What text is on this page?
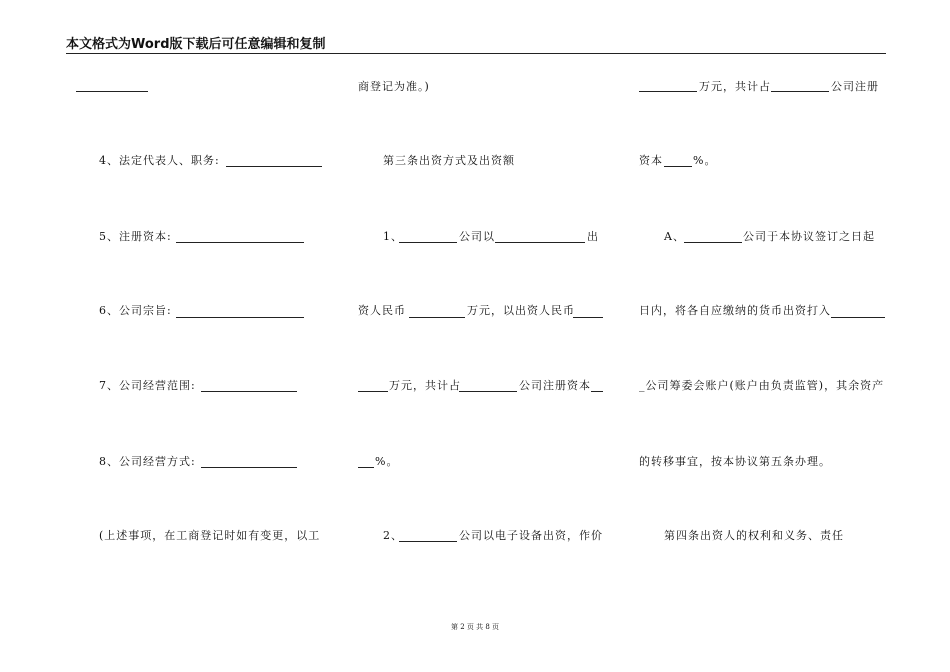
本文格式为Word版下载后可任意编辑和复制
4、法定代表人、职务:
5、注册资本:
6、公司宗旨:
7、公司经营范围:
8、公司经营方式:
(上述事项，在工商登记时如有变更，以工
商登记为准。)
第三条出资方式及出资额
1、	公司以	出
资人民币	万元，以出资人民币
万元，共计占	公司注册资本
%。
2、	公司以电子设备出资，作价
万元，共计占	公司注册
资本	%。
A、	公司于本协议签订之日起
日内，将各自应缴纳的货币出资打入
_公司筹委会账户(账户由负责监管)，其余资产
的转移事宜，按本协议第五条办理。
第四条出资人的权利和义务、责任
第 2 页 共 8 页
